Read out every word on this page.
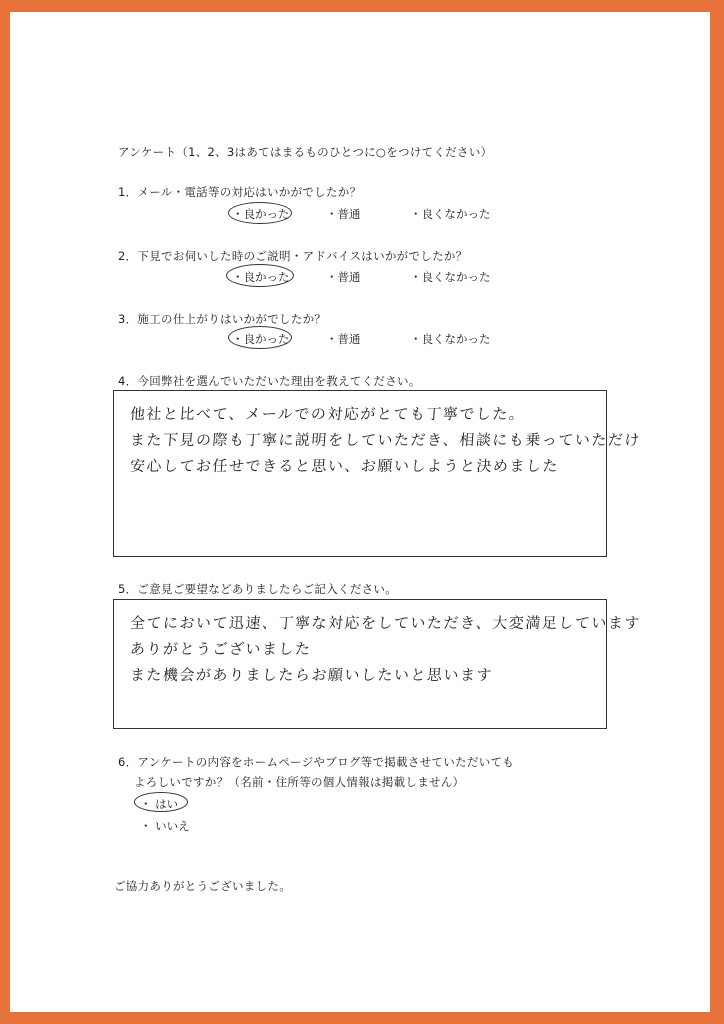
アンケート（1、2、3はあてはまるものひとつに○をつけてください）
1．メール・電話等の対応はいかがでしたか？
・良かった	・普通	・良くなかった
2．下見でお伺いした時のご説明・アドバイスはいかがでしたか？
・良かった	・普通	・良くなかった
3．施工の仕上がりはいかがでしたか？
・良かった	・普通	・良くなかった
4．今回弊社を選んでいただいた理由を教えてください。
他社と比べて、メールでの対応がとても丁寧でした。
また下見の際も丁寧に説明をしていただき、相談にも乗っていただけ
安心してお任せできると思い、お願いしようと決めました
5．ご意見ご要望などありましたらご記入ください。
全てにおいて迅速、丁寧な対応をしていただき、大変満足しています
ありがとうございました
また機会がありましたらお願いしたいと思います
6．アンケートの内容をホームページやブログ等で掲載させていただいても
よろしいですか？（名前・住所等の個人情報は掲載しません）
・ はい
・ いいえ
ご協力ありがとうございました。
